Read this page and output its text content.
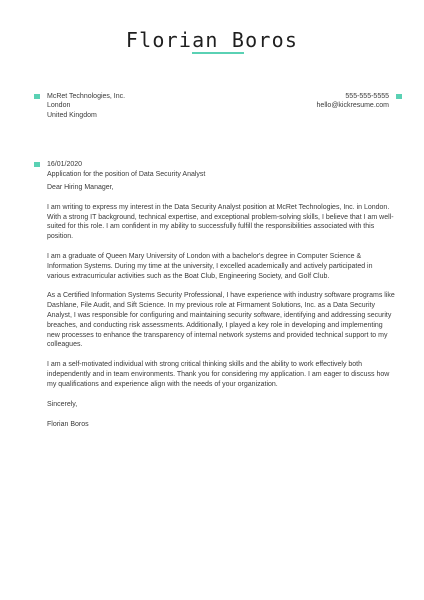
Florian Boros
McRet Technologies, Inc.
London
United Kingdom
555-555-5555
hello@kickresume.com
16/01/2020
Application for the position of Data Security Analyst

Dear Hiring Manager,

I am writing to express my interest in the Data Security Analyst position at McRet Technologies, Inc. in London. With a strong IT background, technical expertise, and exceptional problem-solving skills, I believe that I am well-suited for this role. I am confident in my ability to successfully fulfill the responsibilities associated with this position.

I am a graduate of Queen Mary University of London with a bachelor's degree in Computer Science & Information Systems. During my time at the university, I excelled academically and actively participated in various extracurricular activities such as the Boat Club, Engineering Society, and Golf Club.

As a Certified Information Systems Security Professional, I have experience with industry software programs like Dashlane, File Audit, and Sift Science. In my previous role at Firmament Solutions, Inc. as a Data Security Analyst, I was responsible for configuring and maintaining security software, identifying and addressing security breaches, and conducting risk assessments. Additionally, I played a key role in developing and implementing new processes to enhance the transparency of internal network systems and provided technical support to my colleagues.

I am a self-motivated individual with strong critical thinking skills and the ability to work effectively both independently and in team environments. Thank you for considering my application. I am eager to discuss how my qualifications and experience align with the needs of your organization.

Sincerely,

Florian Boros
